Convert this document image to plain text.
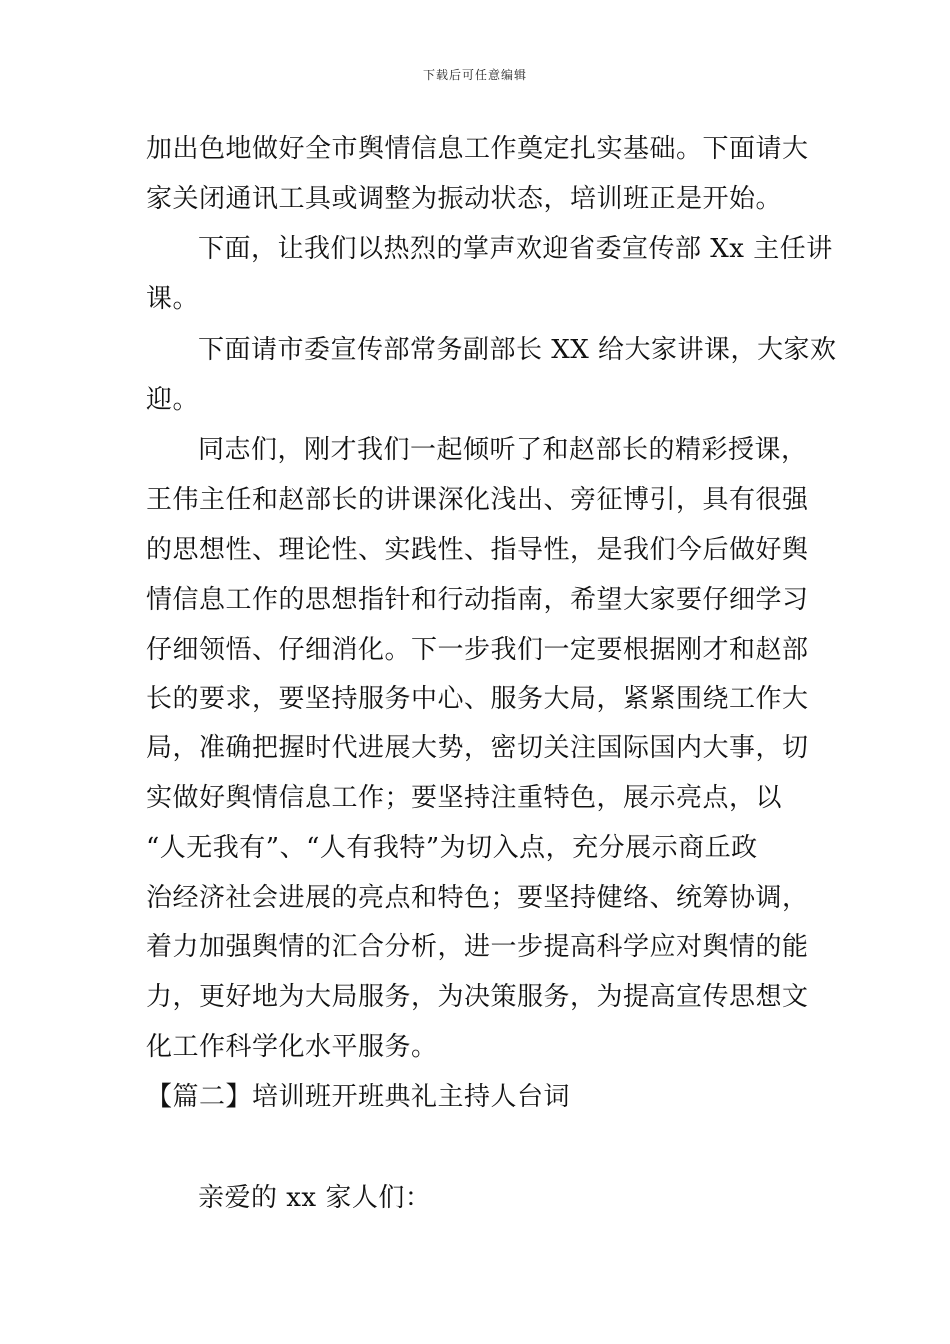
下载后可任意编辑
加出色地做好全市舆情信息工作奠定扎实基础。下面请大
家关闭通讯工具或调整为振动状态，培训班正是开始。
下面，让我们以热烈的掌声欢迎省委宣传部 Xx 主任讲
课。
下面请市委宣传部常务副部长 XX 给大家讲课，大家欢
迎。
同志们，刚才我们一起倾听了和赵部长的精彩授课，
王伟主任和赵部长的讲课深化浅出、旁征博引，具有很强
的思想性、理论性、实践性、指导性，是我们今后做好舆
情信息工作的思想指针和行动指南，希望大家要仔细学习
仔细领悟、仔细消化。下一步我们一定要根据刚才和赵部
长的要求，要坚持服务中心、服务大局，紧紧围绕工作大
局，准确把握时代进展大势，密切关注国际国内大事，切
实做好舆情信息工作；要坚持注重特色，展示亮点，以
“人无我有”、“人有我特”为切入点，充分展示商丘政
治经济社会进展的亮点和特色；要坚持健络、统筹协调，
着力加强舆情的汇合分析，进一步提高科学应对舆情的能
力，更好地为大局服务，为决策服务，为提高宣传思想文
化工作科学化水平服务。
【篇二】培训班开班典礼主持人台词
亲爱的 xx 家人们：
